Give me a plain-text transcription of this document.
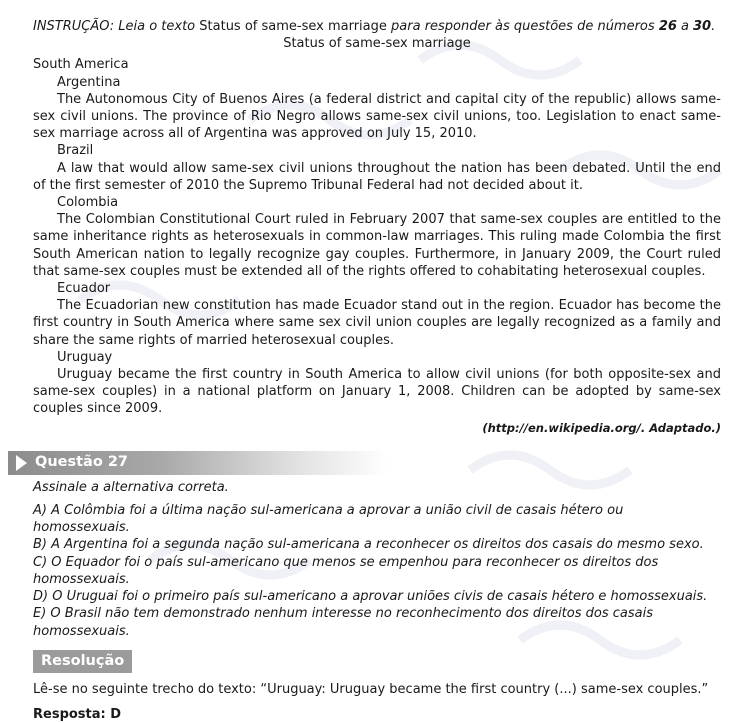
INSTRUÇÃO: Leia o texto Status of same-sex marriage para responder às questões de números 26 a 30.
Status of same-sex marriage
South America
Argentina
The Autonomous City of Buenos Aires (a federal district and capital city of the republic) allows same-sex civil unions. The province of Rio Negro allows same-sex civil unions, too. Legislation to enact same-sex marriage across all of Argentina was approved on July 15, 2010.
Brazil
A law that would allow same-sex civil unions throughout the nation has been debated. Until the end of the first semester of 2010 the Supremo Tribunal Federal had not decided about it.
Colombia
The Colombian Constitutional Court ruled in February 2007 that same-sex couples are entitled to the same inheritance rights as heterosexuals in common-law marriages. This ruling made Colombia the first South American nation to legally recognize gay couples. Furthermore, in January 2009, the Court ruled that same-sex couples must be extended all of the rights offered to cohabitating heterosexual couples.
Ecuador
The Ecuadorian new constitution has made Ecuador stand out in the region. Ecuador has become the first country in South America where same sex civil union couples are legally recognized as a family and share the same rights of married heterosexual couples.
Uruguay
Uruguay became the first country in South America to allow civil unions (for both opposite-sex and same-sex couples) in a national platform on January 1, 2008. Children can be adopted by same-sex couples since 2009.
(http://en.wikipedia.org/. Adaptado.)
Questão 27
Assinale a alternativa correta.
A) A Colômbia foi a última nação sul-americana a aprovar a união civil de casais hétero ou homossexuais.
B) A Argentina foi a segunda nação sul-americana a reconhecer os direitos dos casais do mesmo sexo.
C) O Equador foi o país sul-americano que menos se empenhou para reconhecer os direitos dos homossexuais.
D) O Uruguai foi o primeiro país sul-americano a aprovar uniões civis de casais hétero e homossexuais.
E) O Brasil não tem demonstrado nenhum interesse no reconhecimento dos direitos dos casais homossexuais.
Resolução
Lê-se no seguinte trecho do texto: “Uruguay: Uruguay became the first country (...) same-sex couples.”
Resposta: D
